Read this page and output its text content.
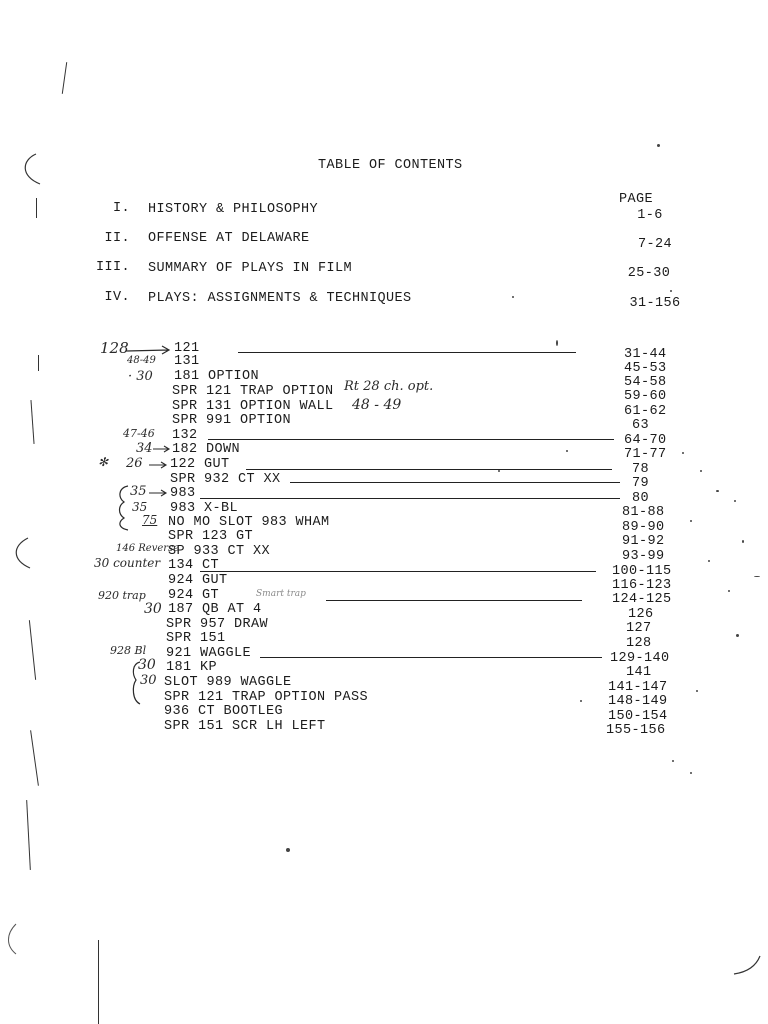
TABLE OF CONTENTS
PAGE
I. HISTORY & PHILOSOPHY	1-6
II. OFFENSE AT DELAWARE	7-24
III. SUMMARY OF PLAYS IN FILM	25-30
IV. PLAYS: ASSIGNMENTS & TECHNIQUES	31-156
121	31-44
131	45-53
181 OPTION	54-58
SPR 121 TRAP OPTION	59-60
SPR 131 OPTION WALL	61-62
SPR 991 OPTION	63
132	64-70
182 DOWN	71-77
122 GUT	78
SPR 932 CT XX	79
983	80
983 X-BL	81-88
NO MO SLOT 983 WHAM	89-90
SPR 123 GT	91-92
SP 933 CT XX	93-99
134 CT	100-115
924 GUT	116-123
924 GT	124-125
187 QB AT 4	126
SPR 957 DRAW	127
SPR 151	128
921 WAGGLE	129-140
181 KP	141
SLOT 989 WAGGLE	141-147
SPR 121 TRAP OPTION PASS	148-149
936 CT BOOTLEG	150-154
SPR 151 SCR LH LEFT	155-156
128
48-49
· 30
Rt 28 ch. opt.
48 - 49
47-46
34
✻ 26
35
35
75
146 Reverse
30 counter
920 trap	Smart trap
30
928 Bl
30
30
